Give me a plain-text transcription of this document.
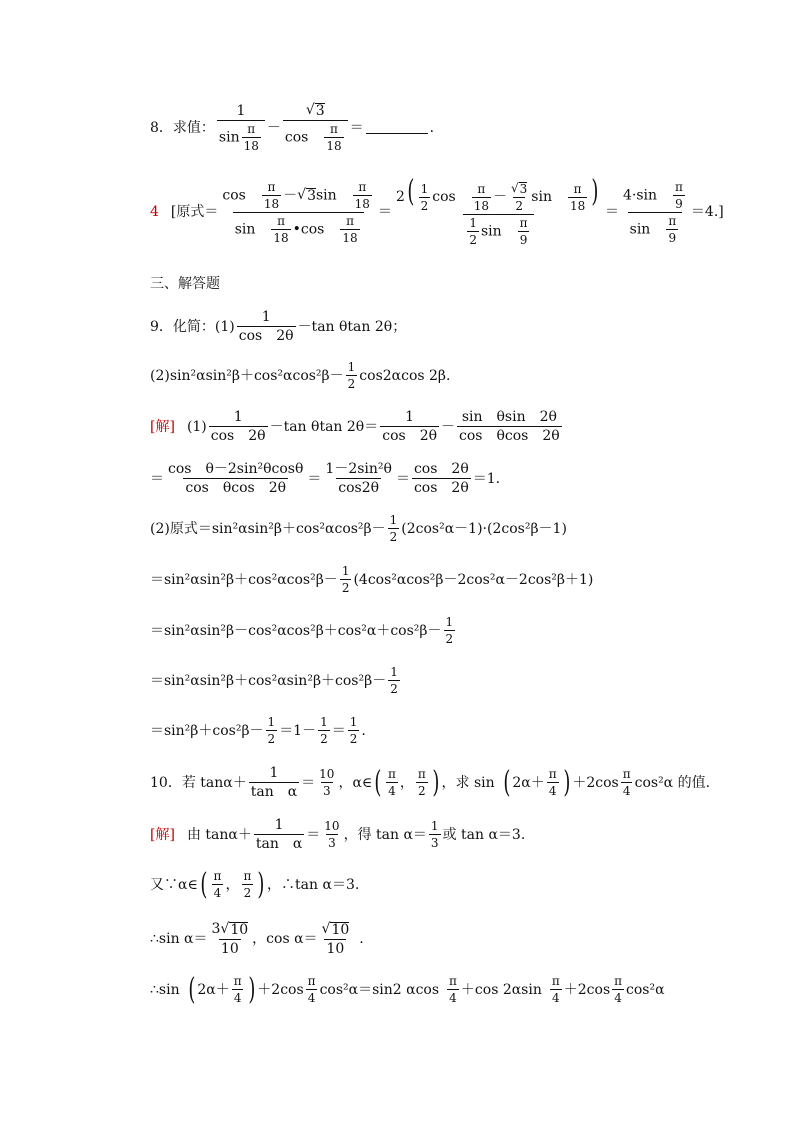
8．求值： $\frac{1}{\sin \frac{\pi}{18}} - \frac{√ 3}{\cos \frac{\pi}{18}}$ ＝	．
4 [原式＝ $\frac{\cos \frac{\pi}{18} -√ 3 \sin \frac{\pi}{18}}{\sin \frac{\pi}{18} •\cos \frac{\pi}{18}} = \frac{2( \frac{1}{2} \cos \frac{\pi}{18} - \frac{√ 3}{2} \sin \frac{\pi}{18} )}{\frac{1}{2} \sin \frac{\pi}{9}} = \frac{4\cdot\sin \frac{\pi}{9}}{\sin \frac{\pi}{9}} =4$.]
三、解答题
9．化简： $(1) \frac{1}{\cos 2\theta} -\tan$ θtan 2θ；
$(2)\sin^2\alpha\sin^2\beta+\cos^2\alpha\cos^2\beta- \frac{1}{2} \cos 2\alpha\cos$ 2β.
[解] $(1) \frac{1}{\cos 2\theta} -\tan$ θtan $2\theta= \frac{1}{\cos 2\theta} - \frac{\text{sin　θsin　2θ}}{\text{cos　θcos　2θ}}$
＝ $\frac{\text{cos　θ－2sin²θcosθ}}{\text{cos　θcos　2θ}} = \frac{\text{1－2sin²θ}}{\cos 2\theta} = \frac{\cos 2\theta}{\cos 2\theta} =1$.
(2)原式$=\sin^2\alpha\sin^2\beta+\cos^2\alpha\cos^2\beta- \frac{1}{2} (2\cos^2\alpha-1)\cdot(2\cos^2\beta-1)$
$=\sin^2\alpha\sin^2\beta+\cos^2\alpha\cos^2\beta- \frac{1}{2} (4\cos^2\alpha\cos^2\beta-2\cos^2\alpha-2\cos^2\beta+1)$
$=\sin^2\alpha\sin^2\beta-\cos^2\alpha\cos^2\beta+\cos^2\alpha+\cos^2\beta- \frac{1}{2}$
$=\sin^2\alpha\sin^2\beta+\cos^2\alpha\sin^2\beta+\cos^2\beta- \frac{1}{2}$
$=\sin^2\beta+\cos^2\beta- \frac{1}{2} =1- \frac{1}{2} = \frac{1}{2}$ .
10．若 $\tan\alpha+ \frac{1}{\text{tan　α}} = \frac{10}{3}$ ，α∈ ( $\frac{\pi}{4}$ ， $\frac{\pi}{2}$ ) ，求 sin ( $2\alpha+ \frac{\pi}{4}$ ) $+2\cos \frac{\pi}{4} \cos^2\alpha$ 的值.
[解] 由 $\tan\alpha+ \frac{1}{\text{tan　α}} = \frac{10}{3}$ ，得 $\tan \alpha= \frac{1}{3}$ 或 tan α＝3.
又∵α∈ ( $\frac{\pi}{4}$ ， $\frac{\pi}{2}$ ) ，∴tan α＝3.
∴sin $\alpha= \frac{3√ 10}{10}$ ，$\cos \alpha= \frac{√ 10}{10}$ .
∴sin ( $2\alpha+ \frac{\pi}{4}$ ) $+2\cos \frac{\pi}{4} \cos^2\alpha=\sin 2$ αcos $\frac{\pi}{4} +\cos$ $2\alpha\sin \frac{\pi}{4} +2\cos \frac{\pi}{4} \cos^2\alpha$
